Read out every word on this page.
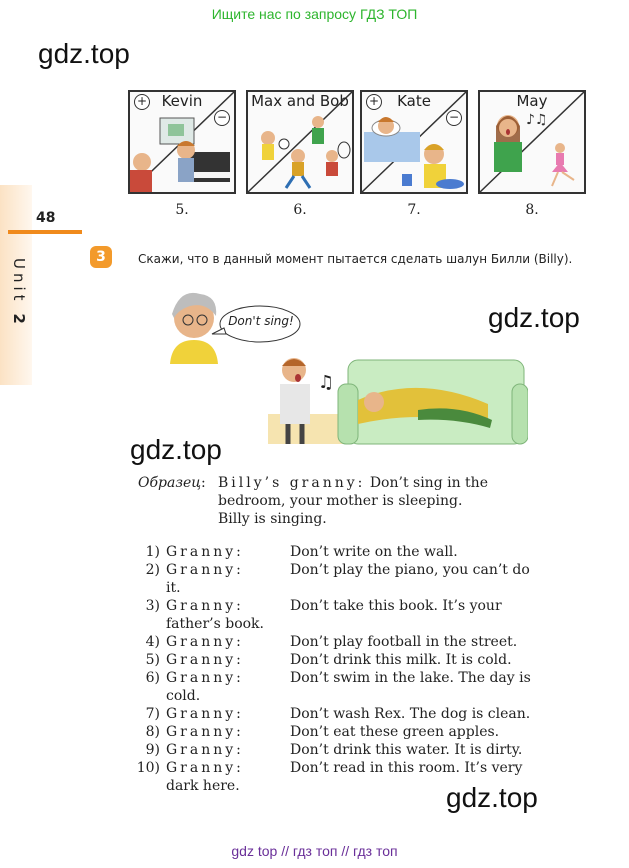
Ищите нас по запросу ГДЗ ТОП
gdz.top
gdz.top
gdz.top
gdz.top
48
Unit 2
Kevin
+
−
Max and Bob	Kate
+
−	♪♫
May
5.	6.	7.	8.
3	Скажи, что в данный момент пытается сделать шалун Билли (Billy).
Don't sing!
♫
Образец: Billy’s granny: Don’t sing in the
bedroom, your mother is sleeping.
Billy is singing.
1) Granny:	Don’t write on the wall.
2) Granny:	Don’t play the piano, you can’t do
it.
3) Granny:	Don’t take this book. It’s your
father’s book.
4) Granny:	Don’t play football in the street.
5) Granny:	Don’t drink this milk. It is cold.
6) Granny:	Don’t swim in the lake. The day is
cold.
7) Granny:	Don’t wash Rex. The dog is clean.
8) Granny:	Don’t eat these green apples.
9) Granny:	Don’t drink this water. It is dirty.
10) Granny:	Don’t read in this room. It’s very
dark here.
gdz top // гдз топ // гдз топ
